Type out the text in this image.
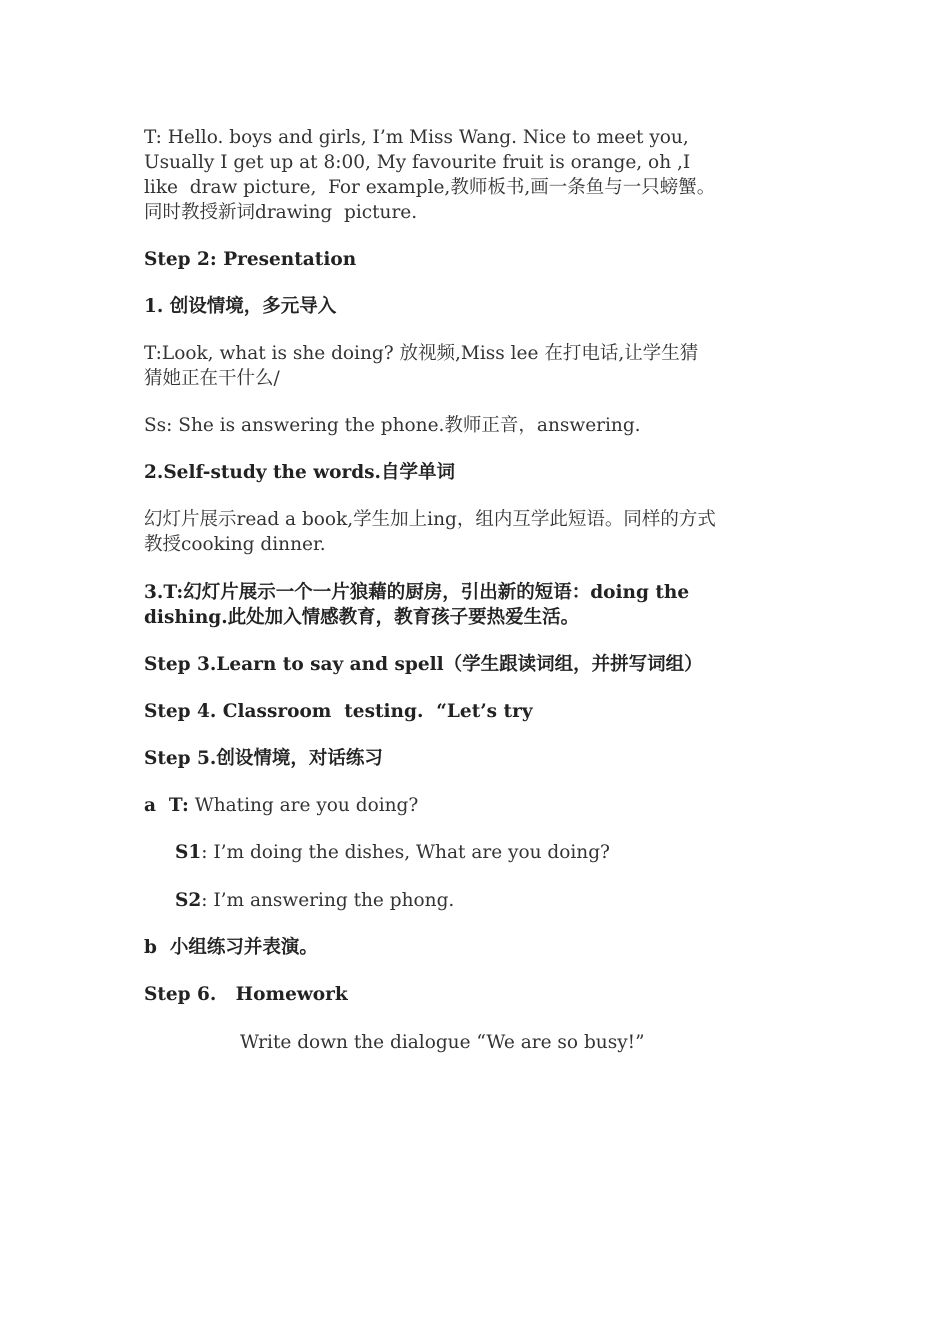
T: Hello. boys and girls, I’m Miss Wang. Nice to meet you,
Usually I get up at 8:00, My favourite fruit is orange, oh ,I
like  draw picture,  For example,教师板书,画一条鱼与一只螃蟹。
同时教授新词drawing  picture.

Step 2: Presentation

1. 创设情境，多元导入

T:Look, what is she doing? 放视频,Miss lee 在打电话,让学生猜
猜她正在干什么/

Ss: She is answering the phone.教师正音，answering.

2.Self-study the words.自学单词

幻灯片展示read a book,学生加上ing，组内互学此短语。同样的方式
教授cooking dinner.

3.T:幻灯片展示一个一片狼藉的厨房，引出新的短语：doing the
dishing.此处加入情感教育，教育孩子要热爱生活。

Step 3.Learn to say and spell（学生跟读词组，并拼写词组）

Step 4. Classroom  testing.  “Let’s try

Step 5.创设情境，对话练习

a  T: Whating are you doing?

S1: I’m doing the dishes, What are you doing?

S2: I’m answering the phong.

b  小组练习并表演。

Step 6.   Homework

Write down the dialogue “We are so busy!”
